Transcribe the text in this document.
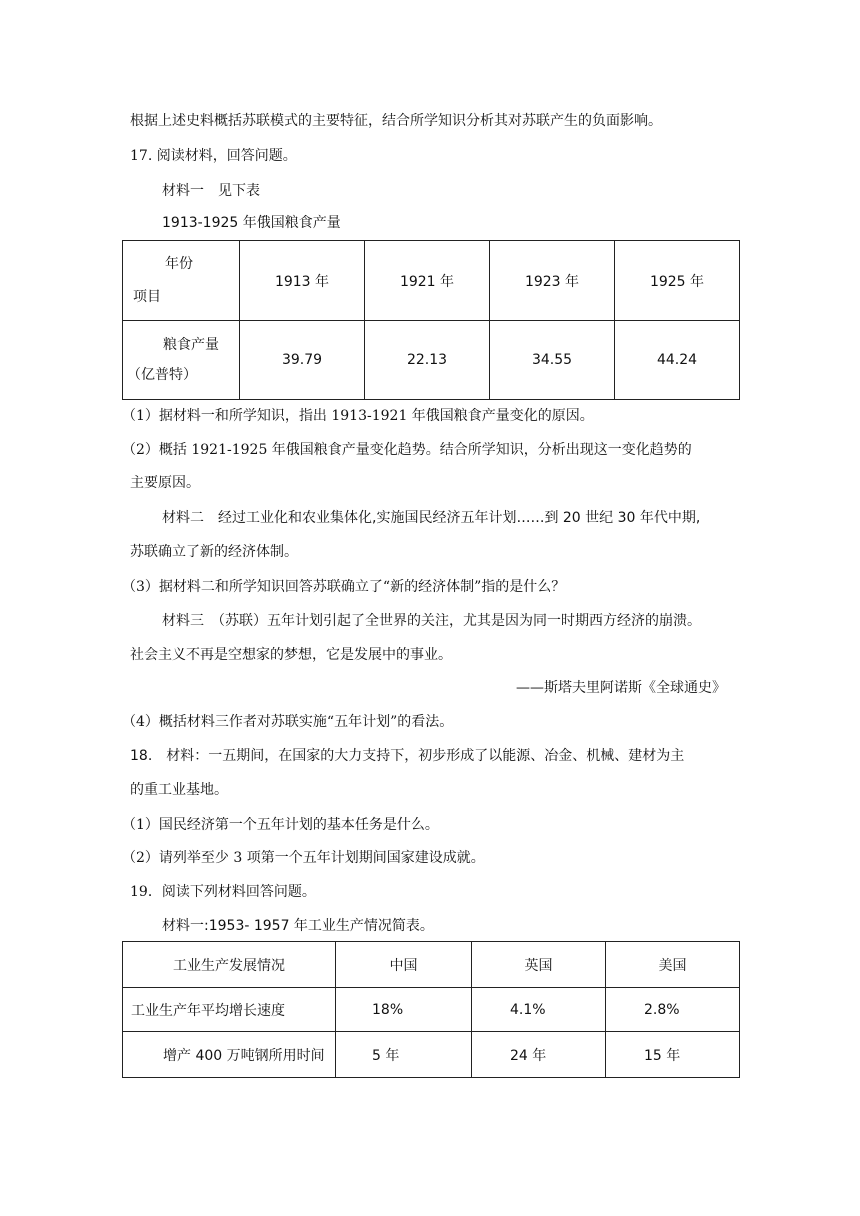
根据上述史料概括苏联模式的主要特征，结合所学知识分析其对苏联产生的负面影响。
17. 阅读材料，回答问题。
材料一　见下表
1913-1925 年俄国粮食产量
年份
项目	1913 年	1921 年	1923 年	1925 年

粮食产量
（亿普特）	39.79	22.13	34.55	44.24
（1）据材料一和所学知识，指出 1913-1921 年俄国粮食产量变化的原因。
（2）概括 1921-1925 年俄国粮食产量变化趋势。结合所学知识，分析出现这一变化趋势的
主要原因。
材料二　经过工业化和农业集体化,实施国民经济五年计划……到 20 世纪 30 年代中期,
苏联确立了新的经济体制。
（3）据材料二和所学知识回答苏联确立了“新的经济体制”指的是什么？
材料三　（苏联）五年计划引起了全世界的关注，尤其是因为同一时期西方经济的崩溃。
社会主义不再是空想家的梦想，它是发展中的事业。
——斯塔夫里阿诺斯《全球通史》
（4）概括材料三作者对苏联实施“五年计划”的看法。
18.　材料：一五期间，在国家的大力支持下，初步形成了以能源、冶金、机械、建材为主
的重工业基地。
（1）国民经济第一个五年计划的基本任务是什么。
（2）请列举至少 3 项第一个五年计划期间国家建设成就。
19．阅读下列材料回答问题。
材料一:1953- 1957 年工业生产情况简表。
工业生产发展情况	中国	英国	美国
工业生产年平均增长速度	18%	4.1%	2.8%
增产 400 万吨钢所用时间	5 年	24 年	15 年
